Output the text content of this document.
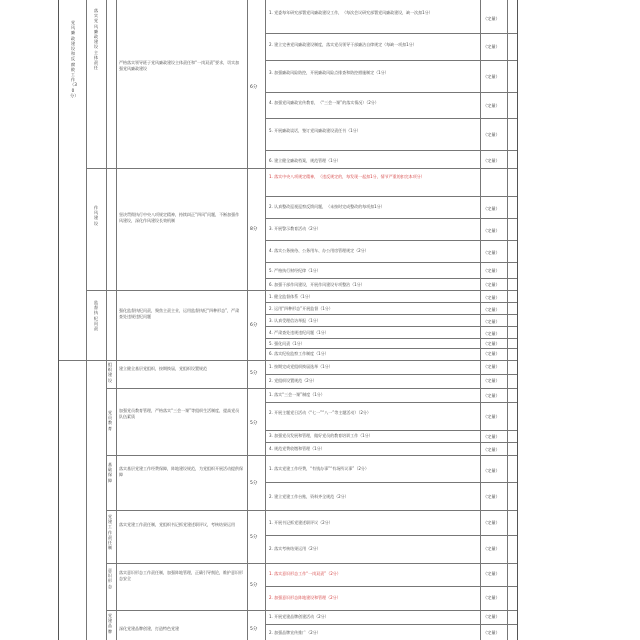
党风廉政建设和反腐败工作（30分）
落实党风廉政建设主体责任
严格落实领导班子党风廉政建设主体责任和“一岗双责”要求，切实加强党风廉政建设
6分
1. 党委每年研究部署党风廉政建设工作，（每次会议研究部署党风廉政建设，缺一次扣1分）
2. 建立完善党风廉政建设制度，落实党员领导干部廉洁自律规定（每缺一项扣1分）
3. 加强廉政风险防控，开展廉政风险点排查和防控措施制定（1分）
4. 加强党风廉政宣传教育，（“三会一课”的落实情况）（2分）
5. 开展廉政谈话，签订党风廉政建设责任书（1分）
6. 建立健全廉政档案，规范管理（1分）
（定量）
（定量）
（定量）
（定量）
（定量）
（定量）
作风建设
坚决贯彻执行中央八项规定精神，持续纠正“四风”问题，不断加强作风建设，深化作风建设长效机制
8分
1. 落实中央八项规定精神，（违反规定的，每发现一起扣1分，情节严重的扣完本项分）
2. 认真整改巡视巡察反馈问题，（未按时完成整改的每项扣1分）
3. 开展警示教育活动（2分）
4. 落实公务接待、公务用车、办公用房管理规定（2分）
5. 严格执行财经纪律（1分）
6. 加强干部作风建设，开展作风建设专项整治（1分）
（定量）
（定量）
（定量）
（定量）
（定量）
监督执纪问责
强化监督执纪问责，聚焦主责主业，运用监督执纪“四种形态”，严肃查处违规违纪问题
6分
1. 健全监督体系（1分）
2. 运用“四种形态”开展监督（1分）
3. 认真受理信访举报（1分）
4. 严肃查处违规违纪问题（1分）
5. 强化问责（1分）
6. 落实纪检监察工作制度（1分）
（定量）
（定量）
（定量）
（定量）
（定量）
（定量）
组织建设
建立健全基层党组织，按期换届，党组织设置规范
5分
1. 按期完成党组织换届选举（1分）
2. 党组织设置规范（2分）
（定量）
（定量）
党员教育
加强党员教育管理，严格落实“三会一课”等组织生活制度，提高党员队伍素质
5分
1. 落实“三会一课”制度（1分）
2. 开展主题党日活动（“七一”“八一”等主题活动）（2分）
3. 加强党员发展和管理，做好党员的教育培训工作（1分）
4. 规范党费收缴和管理（1分）
（定量）
（定量）
（定量）
（定量）
基础保障
落实基层党建工作经费保障，阵地建设规范，为党组织开展活动提供保障
5分
1. 落实党建工作经费，“有钱办事”“有场所议事”（2分）
2. 建立党建工作台账，资料齐全规范（2分）
（定量）
（定量）
党建工作责任制
落实党建工作责任制，党组织书记抓党建述职评议，考核结果运用
5分
1. 开展书记抓党建述职评议（2分）
2. 落实考核结果运用（2分）
（定量）
（定量）
意识形态
落实意识形态工作责任制，加强阵地管理，正确引导舆论，维护意识形态安全
5分
1. 落实意识形态工作“一岗双责”（2分）
2. 加强意识形态阵地建设和管理（2分）
（定量）
（定量）
党建品牌
深化党建品牌创建，打造特色党建	5分
1. 开展党建品牌创建活动（2分）
2. 加强品牌宣传推广（2分）
（定量）
（定量）
